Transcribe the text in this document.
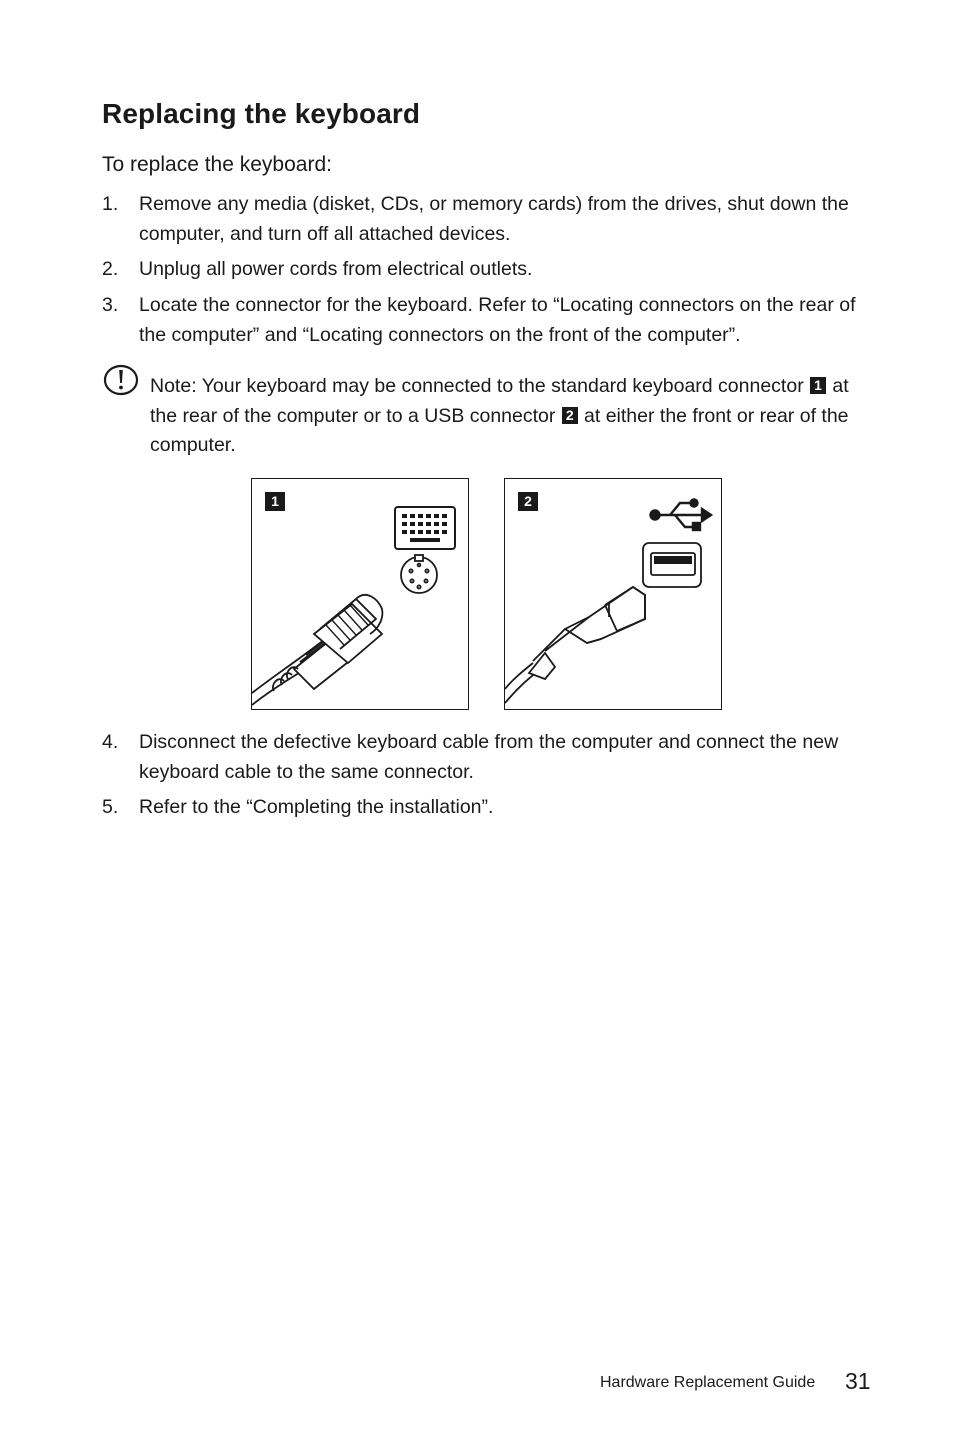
Replacing the keyboard
To replace the keyboard:
1. Remove any media (disket, CDs, or memory cards) from the drives, shut down the computer, and turn off all attached devices.
2. Unplug all power cords from electrical outlets.
3. Locate the connector for the keyboard. Refer to “Locating connectors on the rear of the computer” and “Locating connectors on the front of the computer”.
Note: Your keyboard may be connected to the standard keyboard connector 1 at the rear of the computer or to a USB connector 2 at either the front or rear of the computer.
1	2
4. Disconnect the defective keyboard cable from the computer and connect the new keyboard cable to the same connector.
5. Refer to the “Completing the installation”.
Hardware Replacement Guide 31
